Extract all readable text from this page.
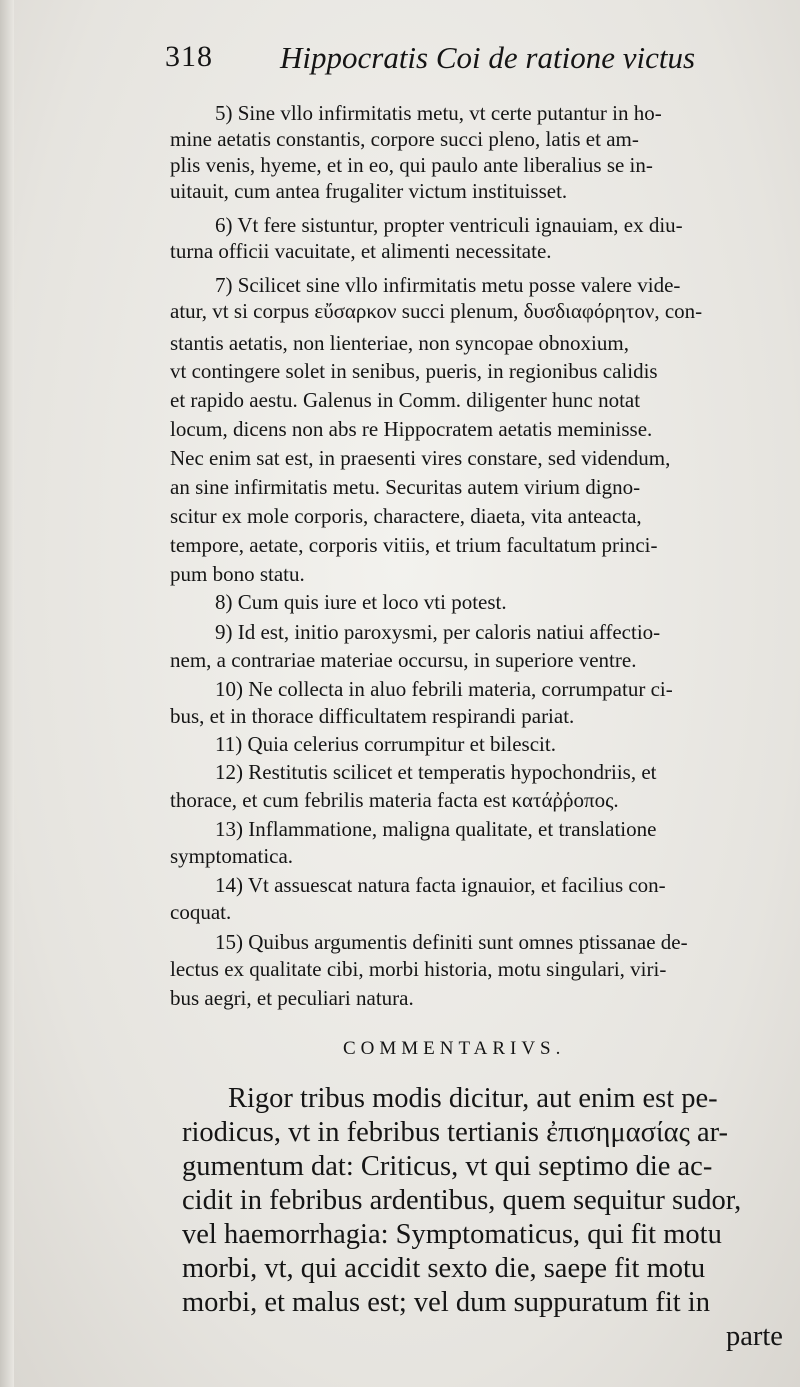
318 Hippocratis Coi de ratione victus
5) Sine vllo infirmitatis metu, vt certe putantur in ho-
mine aetatis constantis, corpore succi pleno, latis et am-
plis venis, hyeme, et in eo, qui paulo ante liberalius se in-
uitauit, cum antea frugaliter victum instituisset.
6) Vt fere sistuntur, propter ventriculi ignauiam, ex diu-
turna officii vacuitate, et alimenti necessitate.
7) Scilicet sine vllo infirmitatis metu posse valere vide-
atur, vt si corpus εὔσαρκον succi plenum, δυσδιαφόρητον, con-
stantis aetatis, non lienteriae, non syncopae obnoxium,
vt contingere solet in senibus, pueris, in regionibus calidis
et rapido aestu. Galenus in Comm. diligenter hunc notat
locum, dicens non abs re Hippocratem aetatis meminisse.
Nec enim sat est, in praesenti vires constare, sed videndum,
an sine infirmitatis metu. Securitas autem virium digno-
scitur ex mole corporis, charactere, diaeta, vita anteacta,
tempore, aetate, corporis vitiis, et trium facultatum princi-
pum bono statu.
8) Cum quis iure et loco vti potest.
9) Id est, initio paroxysmi, per caloris natiui affectio-
nem, a contrariae materiae occursu, in superiore ventre.
10) Ne collecta in aluo febrili materia, corrumpatur ci-
bus, et in thorace difficultatem respirandi pariat.
11) Quia celerius corrumpitur et bilescit.
12) Restitutis scilicet et temperatis hypochondriis, et
thorace, et cum febrilis materia facta est κατάῤῥοπος.
13) Inflammatione, maligna qualitate, et translatione
symptomatica.
14) Vt assuescat natura facta ignauior, et facilius con-
coquat.
15) Quibus argumentis definiti sunt omnes ptissanae de-
lectus ex qualitate cibi, morbi historia, motu singulari, viri-
bus aegri, et peculiari natura.
COMMENTARIVS.
Rigor tribus modis dicitur, aut enim est pe-
riodicus, vt in febribus tertianis ἐπισημασίας ar-
gumentum dat: Criticus, vt qui septimo die ac-
cidit in febribus ardentibus, quem sequitur sudor,
vel haemorrhagia: Symptomaticus, qui fit motu
morbi, vt, qui accidit sexto die, saepe fit motu
morbi, et malus est; vel dum suppuratum fit in
parte
